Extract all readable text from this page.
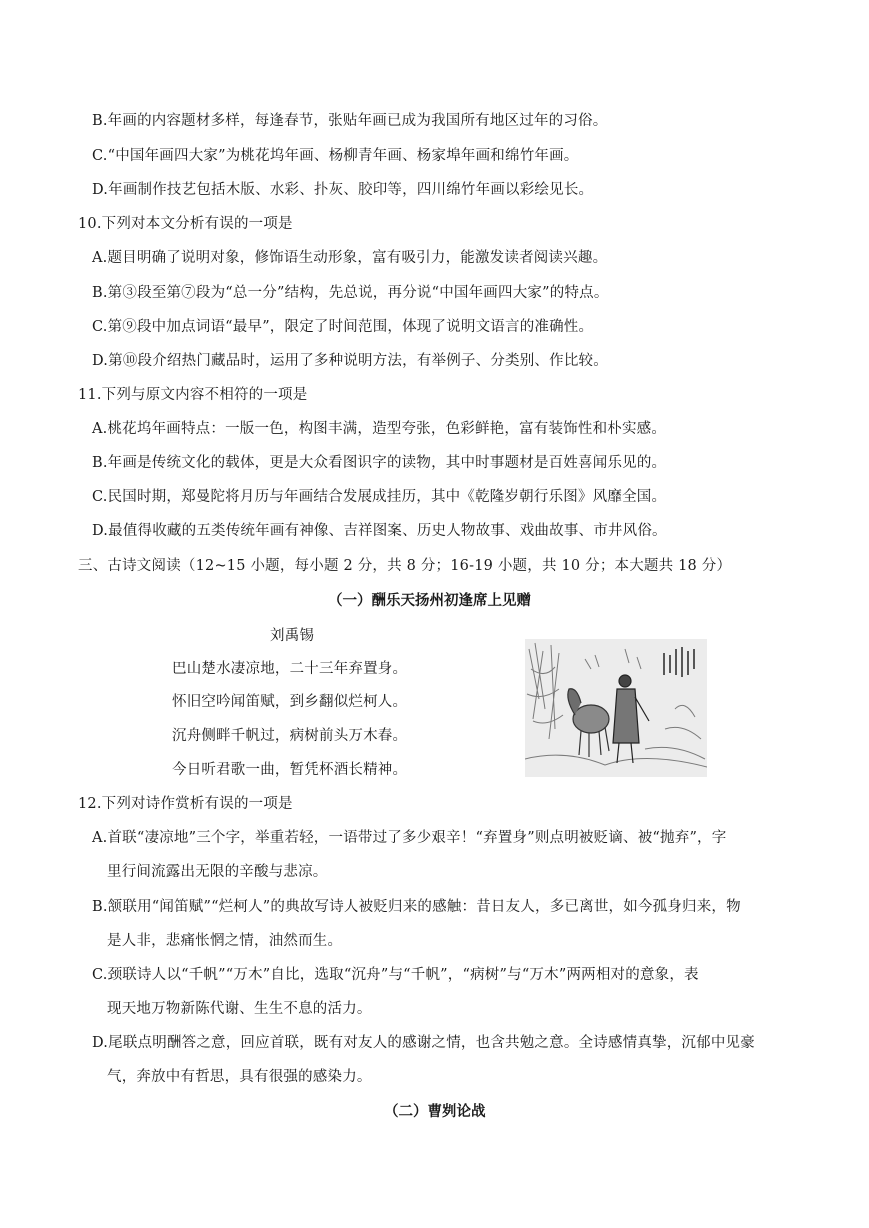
B.年画的内容题材多样，每逢春节，张贴年画已成为我国所有地区过年的习俗。
C.“中国年画四大家”为桃花坞年画、杨柳青年画、杨家埠年画和绵竹年画。
D.年画制作技艺包括木版、水彩、扑灰、胶印等，四川绵竹年画以彩绘见长。
10.下列对本文分析有误的一项是
A.题目明确了说明对象，修饰语生动形象，富有吸引力，能激发读者阅读兴趣。
B.第③段至第⑦段为“总一分”结构，先总说，再分说“中国年画四大家”的特点。
C.第⑨段中加点词语“最早”，限定了时间范围，体现了说明文语言的准确性。
D.第⑩段介绍热门藏品时，运用了多种说明方法，有举例子、分类别、作比较。
11.下列与原文内容不相符的一项是
A.桃花坞年画特点：一版一色，构图丰满，造型夸张，色彩鲜艳，富有装饰性和朴实感。
B.年画是传统文化的载体，更是大众看图识字的读物，其中时事题材是百姓喜闻乐见的。
C.民国时期，郑曼陀将月历与年画结合发展成挂历，其中《乾隆岁朝行乐图》风靡全国。
D.最值得收藏的五类传统年画有神像、吉祥图案、历史人物故事、戏曲故事、市井风俗。
三、古诗文阅读（12~15 小题，每小题 2 分，共 8 分；16-19 小题，共 10 分；本大题共 18 分）
（一）酬乐天扬州初逢席上见赠
刘禹锡
巴山楚水凄凉地，二十三年弃置身。
怀旧空吟闻笛赋，到乡翻似烂柯人。
沉舟侧畔千帆过，病树前头万木春。
今日听君歌一曲，暂凭杯酒长精神。
12.下列对诗作赏析有误的一项是
A.首联“凄凉地”三个字，举重若轻，一语带过了多少艰辛！“弃置身”则点明被贬谪、被“抛弃”，字
里行间流露出无限的辛酸与悲凉。
B.颔联用“闻笛赋”“烂柯人”的典故写诗人被贬归来的感触：昔日友人，多已离世，如今孤身归来，物
是人非，悲痛怅惘之情，油然而生。
C.颈联诗人以“千帆”“万木”自比，选取“沉舟”与“千帆”，“病树”与“万木”两两相对的意象，表
现天地万物新陈代谢、生生不息的活力。
D.尾联点明酬答之意，回应首联，既有对友人的感谢之情，也含共勉之意。全诗感情真挚，沉郁中见豪
气，奔放中有哲思，具有很强的感染力。
（二）曹刿论战
